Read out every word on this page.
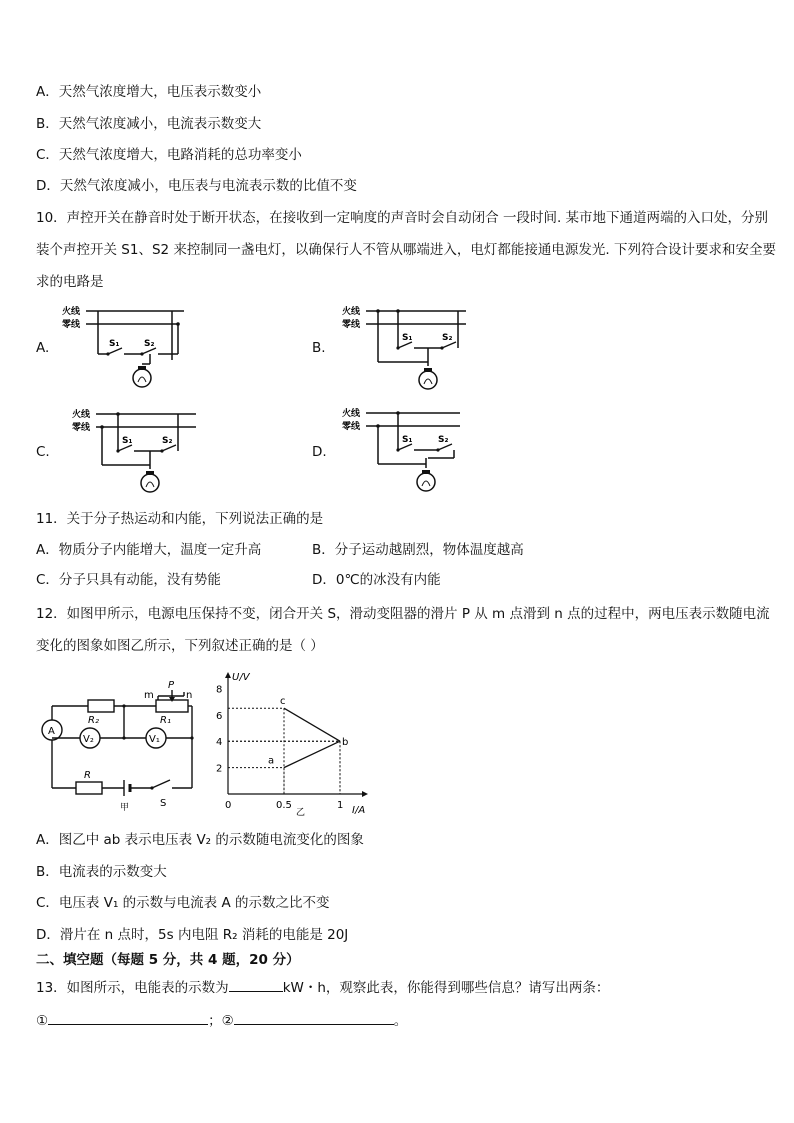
A．天然气浓度增大，电压表示数变小
B．天然气浓度减小，电流表示数变大
C．天然气浓度增大，电路消耗的总功率变小
D．天然气浓度减小，电压表与电流表示数的比值不变
10．声控开关在静音时处于断开状态，在接收到一定响度的声音时会自动闭合 一段时间. 某市地下通道两端的入口处，分别装个声控开关 S1、S2 来控制同一盏电灯，以确保行人不管从哪端进入，电灯都能接通电源发光. 下列符合设计要求和安全要求的电路是
A.	B.
C.	D.
火线
零线
S₁	S₂
火线
零线
S₁	S₂
火线
零线
S₁	S₂
火线
零线
S₁	S₂
11．关于分子热运动和内能，下列说法正确的是
A．物质分子内能增大，温度一定升高	B．分子运动越剧烈，物体温度越高
C．分子只具有动能，没有势能	D．0℃的冰没有内能
12．如图甲所示，电源电压保持不变，闭合开关 S，滑动变阻器的滑片 P 从 m 点滑到 n 点的过程中，两电压表示数随电流变化的图象如图乙所示，下列叙述正确的是（ ）
R₂	R₁
V₂	V₁
A
R
P
m	n
S
甲
U/V
I/A
乙
2
4
6
8
0	0.5	1
a
b
c
A．图乙中 ab 表示电压表 V₂ 的示数随电流变化的图象
B．电流表的示数变大
C．电压表 V₁ 的示数与电流表 A 的示数之比不变
D．滑片在 n 点时，5s 内电阻 R₂ 消耗的电能是 20J
二、填空题（每题 5 分，共 4 题，20 分）
13．如图所示，电能表的示数为	kW・h，观察此表，你能得到哪些信息？请写出两条：
①	；②	。
